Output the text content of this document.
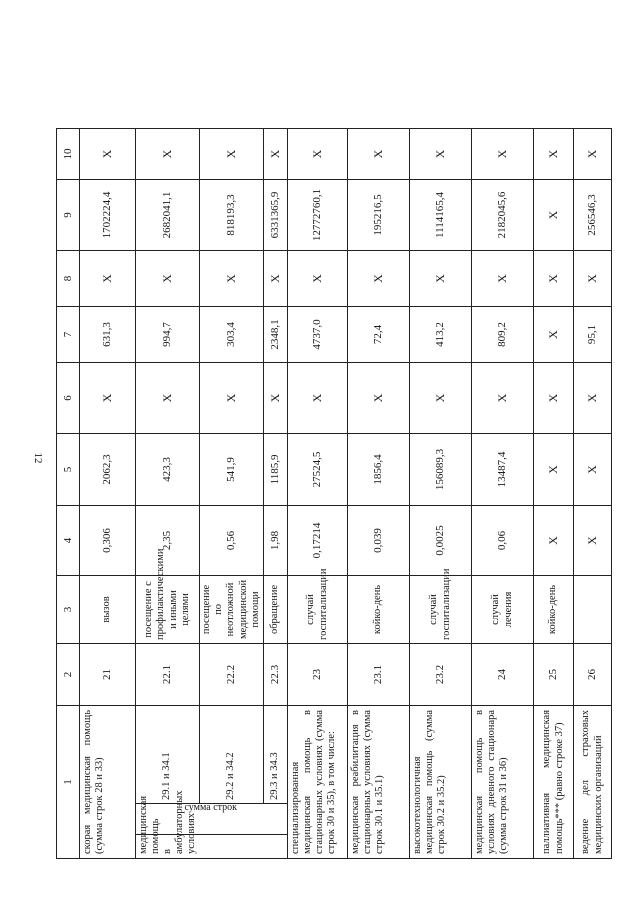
12
1			2	3	4	5	6	7	8	9	10
скорая медицинская помощь (сумма строк 28 и 33)			21	вызов	0,306	2062,3	X	631,3	X	1702224,4	X
медицинская помощь в амбулаторных условиях	сумма строк	29.1 и 34.1	22.1	посещение с профилактическими и иными целями	2,35	423,3	X	994,7	X	2682041,1	X
		29.2 и 34.2	22.2	посещение по неотложной медицинской помощи	0,56	541,9	X	303,4	X	818193,3	X
		29.3 и 34.3	22.3	обращение	1,98	1185,9	X	2348,1	X	6331365,9	X
специализированная медицинская помощь в стационарных условиях (сумма строк 30 и 35), в том числе:			23	случай госпитализации	0,17214	27524,5	X	4737,0	X	12772760,1	X
медицинская реабилитация в стационарных условиях (сумма строк 30.1 и 35.1)			23.1	койко-день	0,039	1856,4	X	72,4	X	195216,5	X
высокотехнологичная медицинская помощь (сумма строк 30.2 и 35.2)			23.2	случай госпитализации	0,0025	156089,3	X	413,2	X	1114165,4	X
медицинская помощь в условиях дневного стационара (сумма строк 31 и 36)			24	случай лечения	0,06	13487,4	X	809,2	X	2182045,6	X
паллиативная медицинская помощь*** (равно строке 37)			25	койко-день	X	X	X	X	X	X	X
ведение дел страховых медицинских организаций			26		X	X	X	95,1	X	256546,3	X
